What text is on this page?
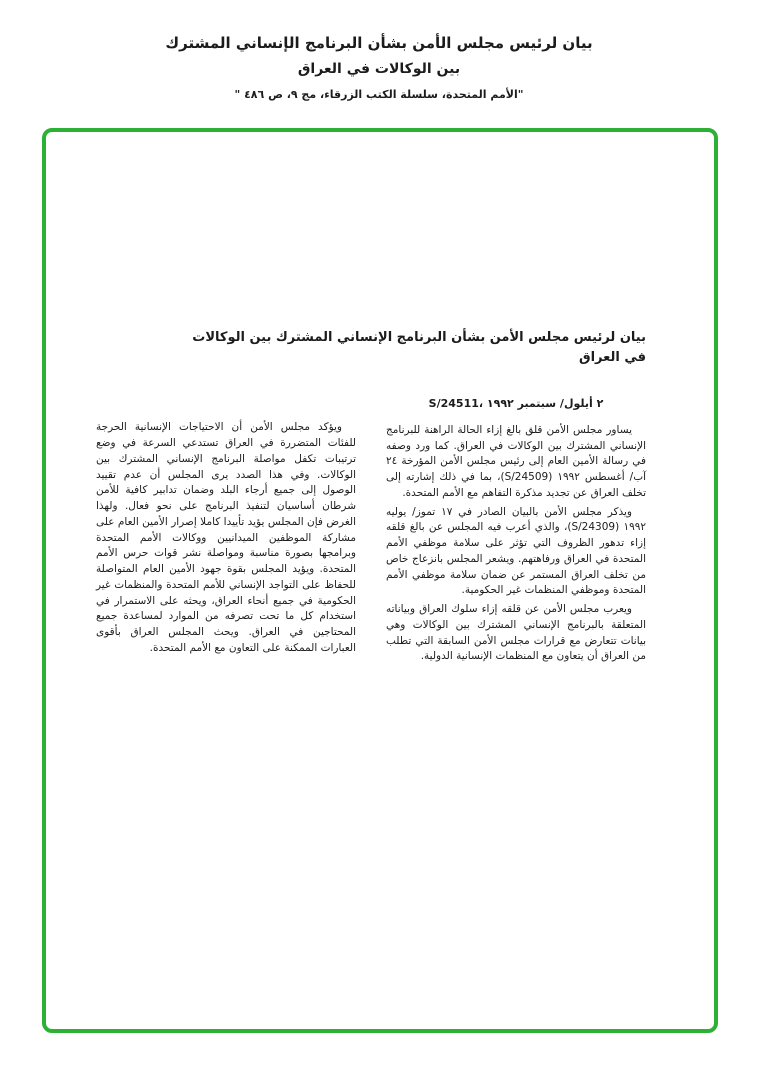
بيان لرئيس مجلس الأمن بشأن البرنامج الإنساني المشترك
بين الوكالات في العراق
"الأمم المتحدة، سلسلة الكتب الزرقاء، مج ٩، ص ٤٨٦ "
بيان لرئيس مجلس الأمن بشأن البرنامج الإنساني المشترك بين الوكالات
في العراق
S/24511، ٢ أيلول/ سبتمبر ١٩٩٢

يساور مجلس الأمن قلق بالغ إزاء الحالة الراهنة للبرنامج الإنساني المشترك بين الوكالات في العراق. كما ورد وصفه في رسالة الأمين العام إلى رئيس مجلس الأمن المؤرخة ٢٤ آب/ أغسطس ١٩٩٢ (S/24509)، بما في ذلك إشارته إلى تخلف العراق عن تجديد مذكرة التفاهم مع الأمم المتحدة.

ويذكر مجلس الأمن بالبيان الصادر في ١٧ تموز/ يوليه ١٩٩٢ (S/24309)، والذي أعرب فيه المجلس عن بالغ قلقه إزاء تدهور الظروف التي تؤثر على سلامة موظفي الأمم المتحدة في العراق ورفاهتهم. ويشعر المجلس بانزعاج خاص من تخلف العراق المستمر عن ضمان سلامة موظفي الأمم المتحدة وموظفي المنظمات غير الحكومية.

ويعرب مجلس الأمن عن قلقه إزاء سلوك العراق وبياناته المتعلقة بالبرنامج الإنساني المشترك بين الوكالات وهي بيانات تتعارض مع قرارات مجلس الأمن السابقة التي تطلب من العراق أن يتعاون مع المنظمات الإنسانية الدولية.

ويؤكد مجلس الأمن أن الاحتياجات الإنسانية الحرجة للفئات المتضررة في العراق تستدعي السرعة في وضع ترتيبات تكفل مواصلة البرنامج الإنساني المشترك بين الوكالات. وفي هذا الصدد يرى المجلس أن عدم تقييد الوصول إلى جميع أرجاء البلد وضمان تدابير كافية للأمن شرطان أساسيان لتنفيذ البرنامج على نحو فعال. ولهذا الغرض فإن المجلس يؤيد تأييدا كاملا إصرار الأمين العام على مشاركة الموظفين الميدانيين ووكالات الأمم المتحدة وبرامجها بصورة مناسبة ومواصلة نشر قوات حرس الأمم المتحدة. ويؤيد المجلس بقوة جهود الأمين العام المتواصلة للحفاظ على التواجد الإنساني للأمم المتحدة والمنظمات غير الحكومية في جميع أنحاء العراق، ويحثه على الاستمرار في استخدام كل ما تحت تصرفه من الموارد لمساعدة جميع المحتاجين في العراق. ويحث المجلس العراق بأقوى العبارات الممكنة على التعاون مع الأمم المتحدة.
